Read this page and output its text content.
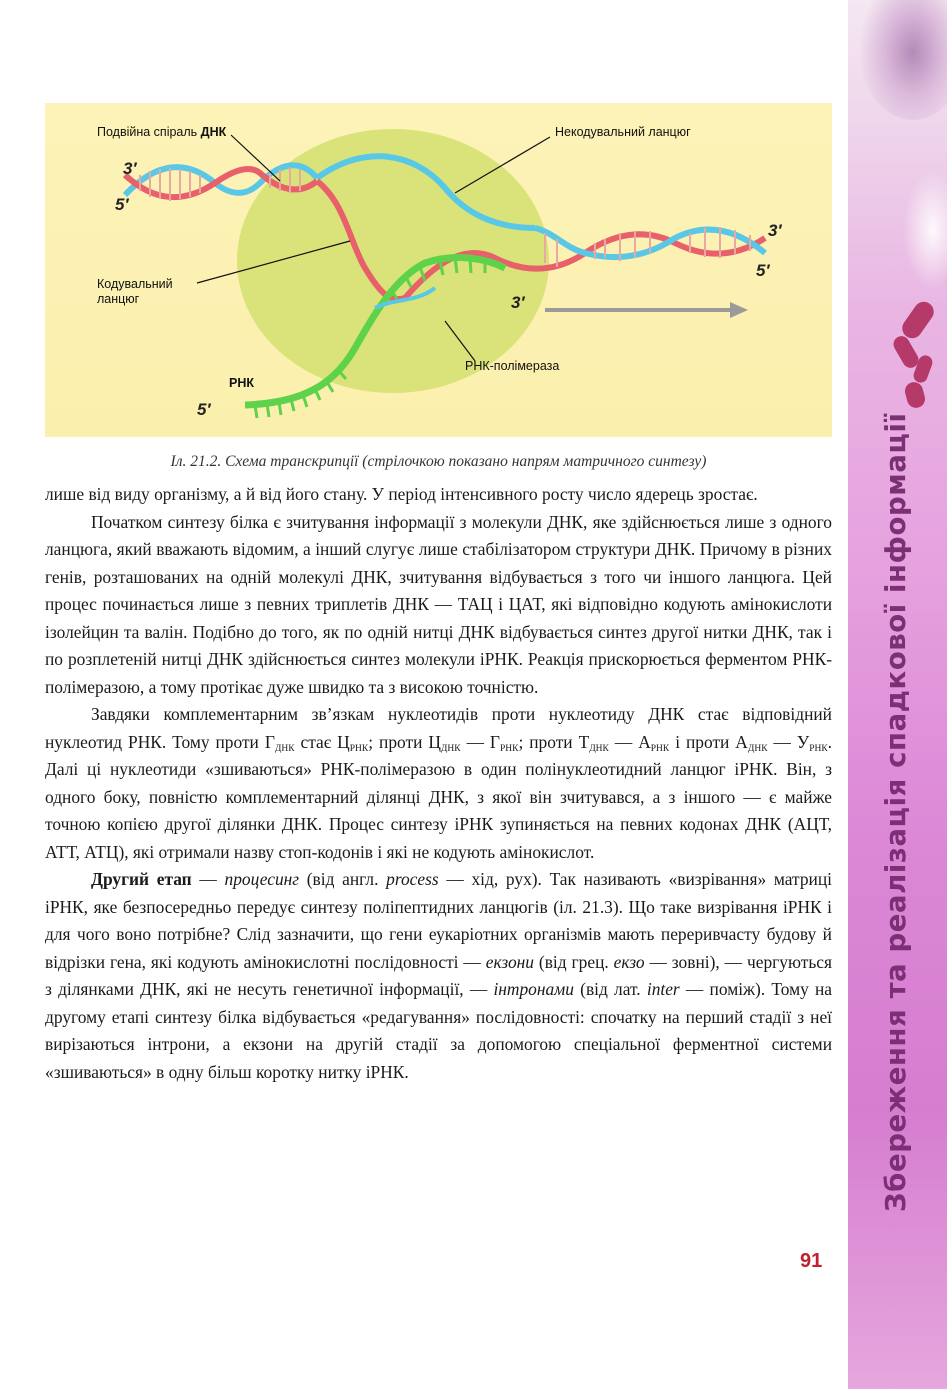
Збереження та реалізація спадкової інформації
Подвійна спіраль ДНК	Некодувальний ланцюг
Кодувальний
ланцюг
РНК
РНК-полімераза
3′
5′
3′
5′
3′
5′
Іл. 21.2. Схема транскрипції (стрілочкою показано напрям матричного синтезу)

лише від виду організму, а й від його стану. У період інтенсивного росту число ядерець зростає.

Початком синтезу білка є зчитування інформації з молекули ДНК, яке здійснюється лише з одного ланцюга, який вважають відомим, а інший слугує лише стабілізатором структури ДНК. Причому в різних генів, розташованих на одній молекулі ДНК, зчитування відбувається з того чи іншого ланцюга. Цей процес починається лише з певних триплетів ДНК — ТАЦ і ЦАТ, які відповідно кодують амінокислоти ізолейцин та валін. Подібно до того, як по одній нитці ДНК відбувається синтез другої нитки ДНК, так і по розплетеній нитці ДНК здійснюється синтез молекули іРНК. Реакція прискорюється ферментом РНК-полімеразою, а тому протікає дуже швидко та з високою точністю.

Завдяки комплементарним зв’язкам нуклеотидів проти нуклеотиду ДНК стає відповідний нуклеотид РНК. Тому проти $Г_{ДНК}$ стає $Ц_{РНК}$; проти $Ц_{ДНК}$ — $Г_{РНК}$; проти $Т_{ДНК}$ — $А_{РНК}$ і проти $А_{ДНК}$ — $У_{РНК}$. Далі ці нуклеотиди «зшиваються» РНК-полімеразою в один полінуклеотидний ланцюг іРНК. Він, з одного боку, повністю комплементарний ділянці ДНК, з якої він зчитувався, а з іншого — є майже точною копією другої ділянки ДНК. Процес синтезу іРНК зупиняється на певних кодонах ДНК (АЦТ, АТТ, АТЦ), які отримали назву стоп-кодонів і які не кодують амінокислот.

Другий етап — процесинг (від англ. process — хід, рух). Так називають «визрівання» матриці іРНК, яке безпосередньо передує синтезу поліпептидних ланцюгів (іл. 21.3). Що таке визрівання іРНК і для чого воно потрібне? Слід зазначити, що гени еукаріотних організмів мають переривчасту будову й відрізки гена, які кодують амінокислотні послідовності — екзони (від грец. екзо — зовні), — чергуються з ділянками ДНК, які не несуть генетичної інформації, — інтронами (від лат. inter — поміж). Тому на другому етапі синтезу білка відбувається «редагування» послідовності: спочатку на перший стадії з неї вирізаються інтрони, а екзони на другій стадії за допомогою спеціальної ферментної системи «зшиваються» в одну більш коротку нитку іРНК.

91
